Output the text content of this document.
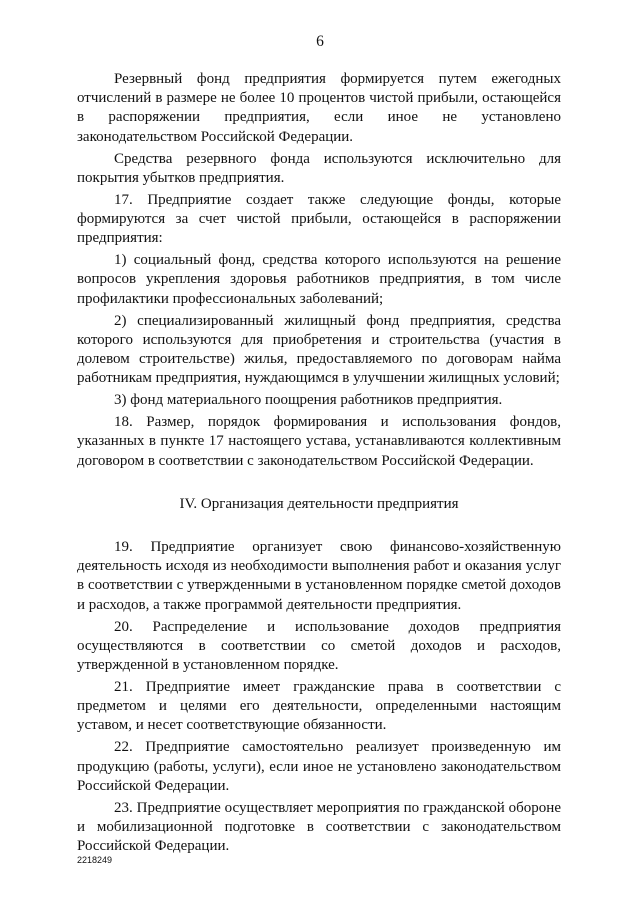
6

Резервный фонд предприятия формируется путем ежегодных отчислений в размере не более 10 процентов чистой прибыли, остающейся в распоряжении предприятия, если иное не установлено законодательством Российской Федерации.

Средства резервного фонда используются исключительно для покрытия убытков предприятия.

17. Предприятие создает также следующие фонды, которые формируются за счет чистой прибыли, остающейся в распоряжении предприятия:

1) социальный фонд, средства которого используются на решение вопросов укрепления здоровья работников предприятия, в том числе профилактики профессиональных заболеваний;

2) специализированный жилищный фонд предприятия, средства которого используются для приобретения и строительства (участия в долевом строительстве) жилья, предоставляемого по договорам найма работникам предприятия, нуждающимся в улучшении жилищных условий;

3) фонд материального поощрения работников предприятия.

18. Размер, порядок формирования и использования фондов, указанных в пункте 17 настоящего устава, устанавливаются коллективным договором в соответствии с законодательством Российской Федерации.

IV. Организация деятельности предприятия

19. Предприятие организует свою финансово-хозяйственную деятельность исходя из необходимости выполнения работ и оказания услуг в соответствии с утвержденными в установленном порядке сметой доходов и расходов, а также программой деятельности предприятия.

20. Распределение и использование доходов предприятия осуществляются в соответствии со сметой доходов и расходов, утвержденной в установленном порядке.

21. Предприятие имеет гражданские права в соответствии с предметом и целями его деятельности, определенными настоящим уставом, и несет соответствующие обязанности.

22. Предприятие самостоятельно реализует произведенную им продукцию (работы, услуги), если иное не установлено законодательством Российской Федерации.

23. Предприятие осуществляет мероприятия по гражданской обороне и мобилизационной подготовке в соответствии с законодательством Российской Федерации.

2218249
